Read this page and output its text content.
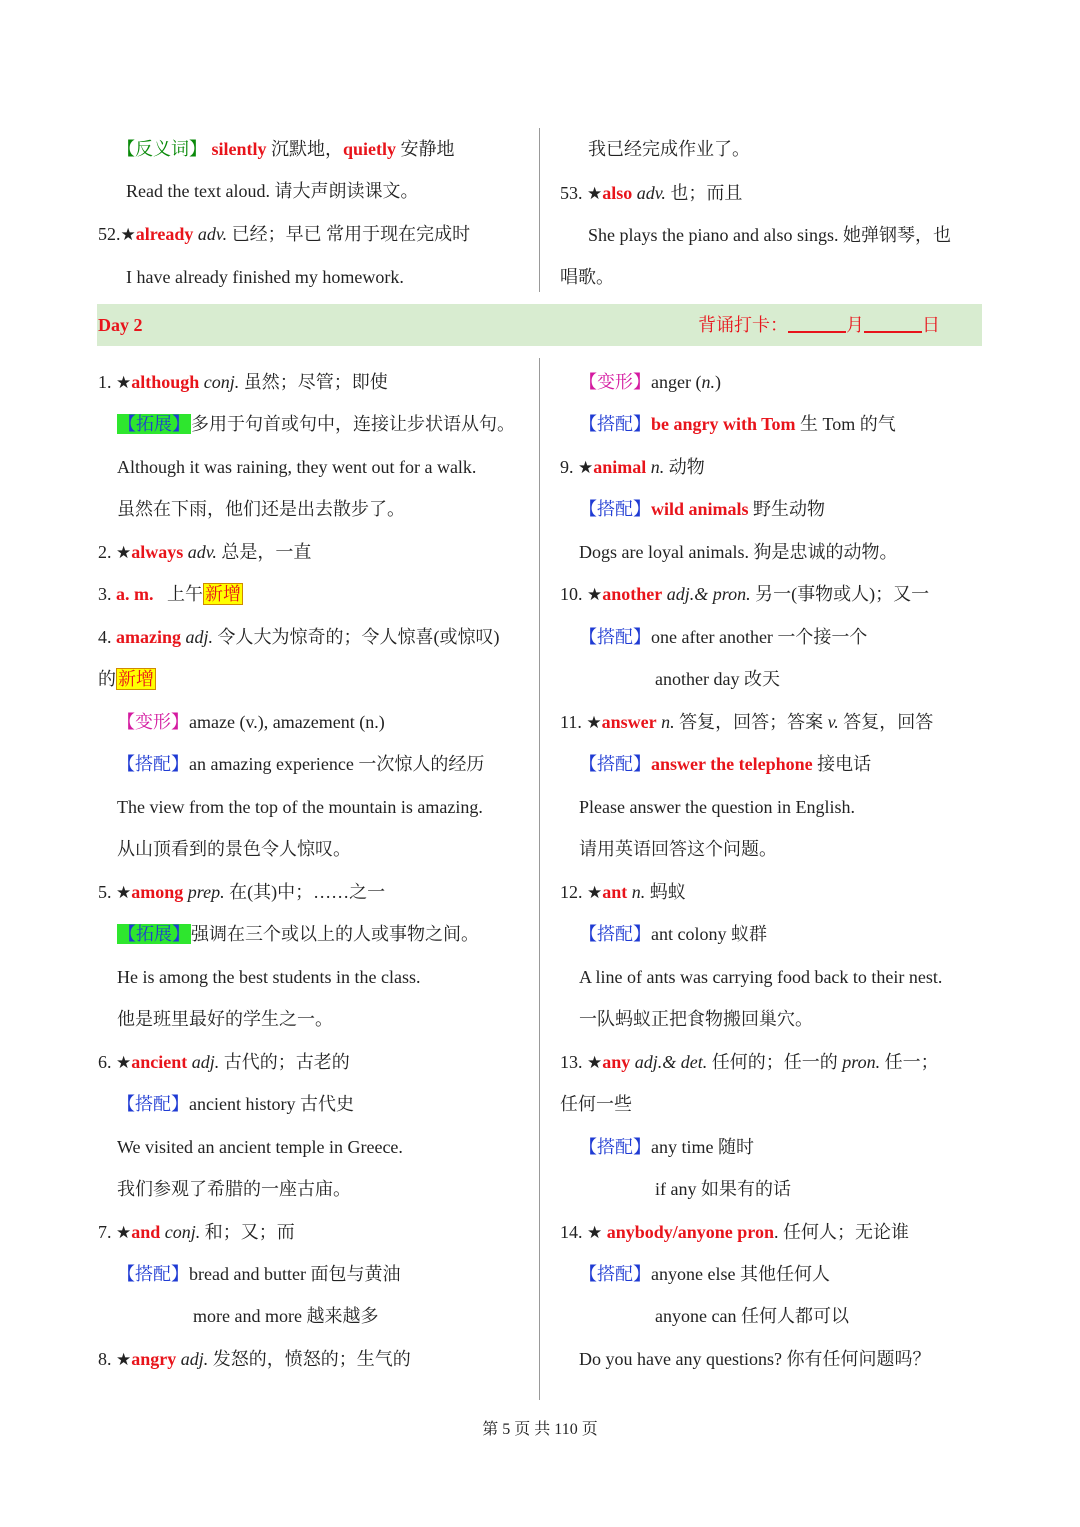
【反义词】 silently 沉默地，quietly 安静地
Read the text aloud. 请大声朗读课文。
52.★already adv. 已经；早已 常用于现在完成时
I have already finished my homework.
我已经完成作业了。
53. ★also adv. 也；而且
She plays the piano and also sings. 她弹钢琴，也
唱歌。
Day 2	背诵打卡：	月	日
1. ★although conj. 虽然；尽管；即使
【拓展】多用于句首或句中，连接让步状语从句。
Although it was raining, they went out for a walk.
虽然在下雨，他们还是出去散步了。
2. ★always adv. 总是，一直
3. a. m. 上午 新增
4. amazing adj. 令人大为惊奇的；令人惊喜(或惊叹)
的 新增
【变形】amaze (v.), amazement (n.)
【搭配】an amazing experience 一次惊人的经历
The view from the top of the mountain is amazing.
从山顶看到的景色令人惊叹。
5. ★among prep. 在(其)中；……之一
【拓展】强调在三个或以上的人或事物之间。
He is among the best students in the class.
他是班里最好的学生之一。
6. ★ancient adj. 古代的；古老的
【搭配】ancient history 古代史
We visited an ancient temple in Greece.
我们参观了希腊的一座古庙。
7. ★and conj. 和；又；而
【搭配】bread and butter 面包与黄油
more and more 越来越多
8. ★angry adj. 发怒的，愤怒的；生气的
【变形】anger (n.)
【搭配】be angry with Tom 生 Tom 的气
9. ★animal n. 动物
【搭配】wild animals 野生动物
Dogs are loyal animals. 狗是忠诚的动物。
10. ★another adj.& pron. 另一(事物或人)；又一
【搭配】one after another 一个接一个
another day 改天
11. ★answer n. 答复，回答；答案 v. 答复，回答
【搭配】answer the telephone 接电话
Please answer the question in English.
请用英语回答这个问题。
12. ★ant n. 蚂蚁
【搭配】ant colony 蚁群
A line of ants was carrying food back to their nest.
一队蚂蚁正把食物搬回巢穴。
13. ★any adj.& det. 任何的；任一的 pron. 任一；
任何一些
【搭配】any time 随时
if any 如果有的话
14. ★ anybody/anyone pron. 任何人；无论谁
【搭配】anyone else 其他任何人
anyone can 任何人都可以
Do you have any questions? 你有任何问题吗？
第 5 页 共 110 页
